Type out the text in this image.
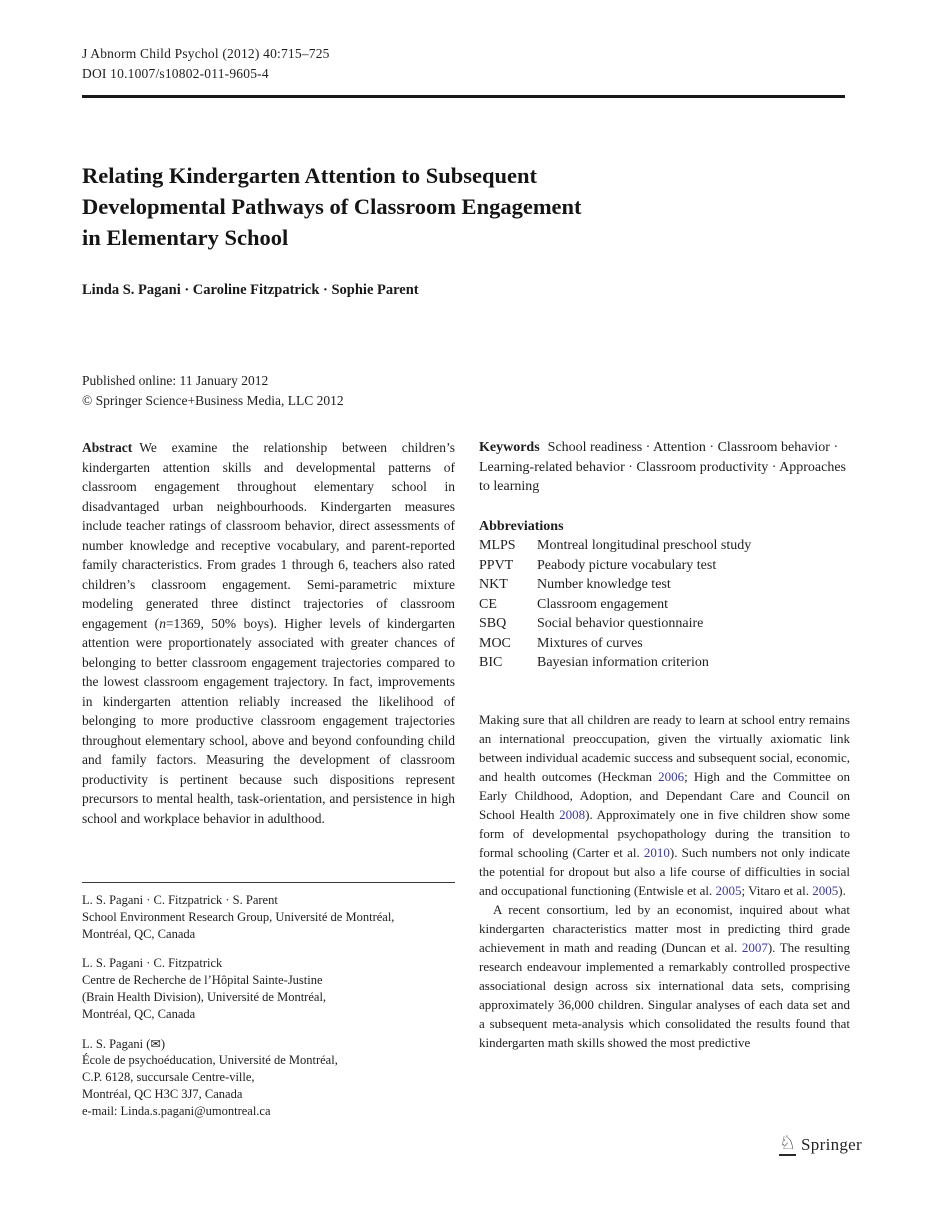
J Abnorm Child Psychol (2012) 40:715–725
DOI 10.1007/s10802-011-9605-4
Relating Kindergarten Attention to Subsequent
Developmental Pathways of Classroom Engagement
in Elementary School
Linda S. Pagani · Caroline Fitzpatrick · Sophie Parent
Published online: 11 January 2012
© Springer Science+Business Media, LLC 2012

Abstract We examine the relationship between children’s kindergarten attention skills and developmental patterns of classroom engagement throughout elementary school in disadvantaged urban neighbourhoods. Kindergarten measures include teacher ratings of classroom behavior, direct assessments of number knowledge and receptive vocabulary, and parent-reported family characteristics. From grades 1 through 6, teachers also rated children’s classroom engagement. Semi-parametric mixture modeling generated three distinct trajectories of classroom engagement (n=1369, 50% boys). Higher levels of kindergarten attention were proportionately associated with greater chances of belonging to better classroom engagement trajectories compared to the lowest classroom engagement trajectory. In fact, improvements in kindergarten attention reliably increased the likelihood of belonging to more productive classroom engagement trajectories throughout elementary school, above and beyond confounding child and family factors. Measuring the development of classroom productivity is pertinent because such dispositions represent precursors to mental health, task-orientation, and persistence in high school and workplace behavior in adulthood.

Keywords School readiness · Attention · Classroom behavior · Learning-related behavior · Classroom productivity · Approaches to learning

Abbreviations
MLPS	Montreal longitudinal preschool study
PPVT	Peabody picture vocabulary test
NKT	Number knowledge test
CE	Classroom engagement
SBQ	Social behavior questionnaire
MOC	Mixtures of curves
BIC	Bayesian information criterion

Making sure that all children are ready to learn at school entry remains an international preoccupation, given the virtually axiomatic link between individual academic success and subsequent social, economic, and health outcomes (Heckman 2006; High and the Committee on Early Childhood, Adoption, and Dependant Care and Council on School Health 2008). Approximately one in five children show some form of developmental psychopathology during the transition to formal schooling (Carter et al. 2010). Such numbers not only indicate the potential for dropout but also a life course of difficulties in social and occupational functioning (Entwisle et al. 2005; Vitaro et al. 2005).

A recent consortium, led by an economist, inquired about what kindergarten characteristics matter most in predicting third grade achievement in math and reading (Duncan et al. 2007). The resulting research endeavour implemented a remarkably controlled prospective associational design across six international data sets, comprising approximately 36,000 children. Singular analyses of each data set and a subsequent meta-analysis which consolidated the results found that kindergarten math skills showed the most predictive

L. S. Pagani · C. Fitzpatrick · S. Parent
School Environment Research Group, Université de Montréal,
Montréal, QC, Canada
L. S. Pagani · C. Fitzpatrick
Centre de Recherche de l’Hôpital Sainte-Justine
(Brain Health Division), Université de Montréal,
Montréal, QC, Canada
L. S. Pagani (✉)
École de psychoéducation, Université de Montréal,
C.P. 6128, succursale Centre-ville,
Montréal, QC H3C 3J7, Canada
e-mail: Linda.s.pagani@umontreal.ca
♘ Springer
